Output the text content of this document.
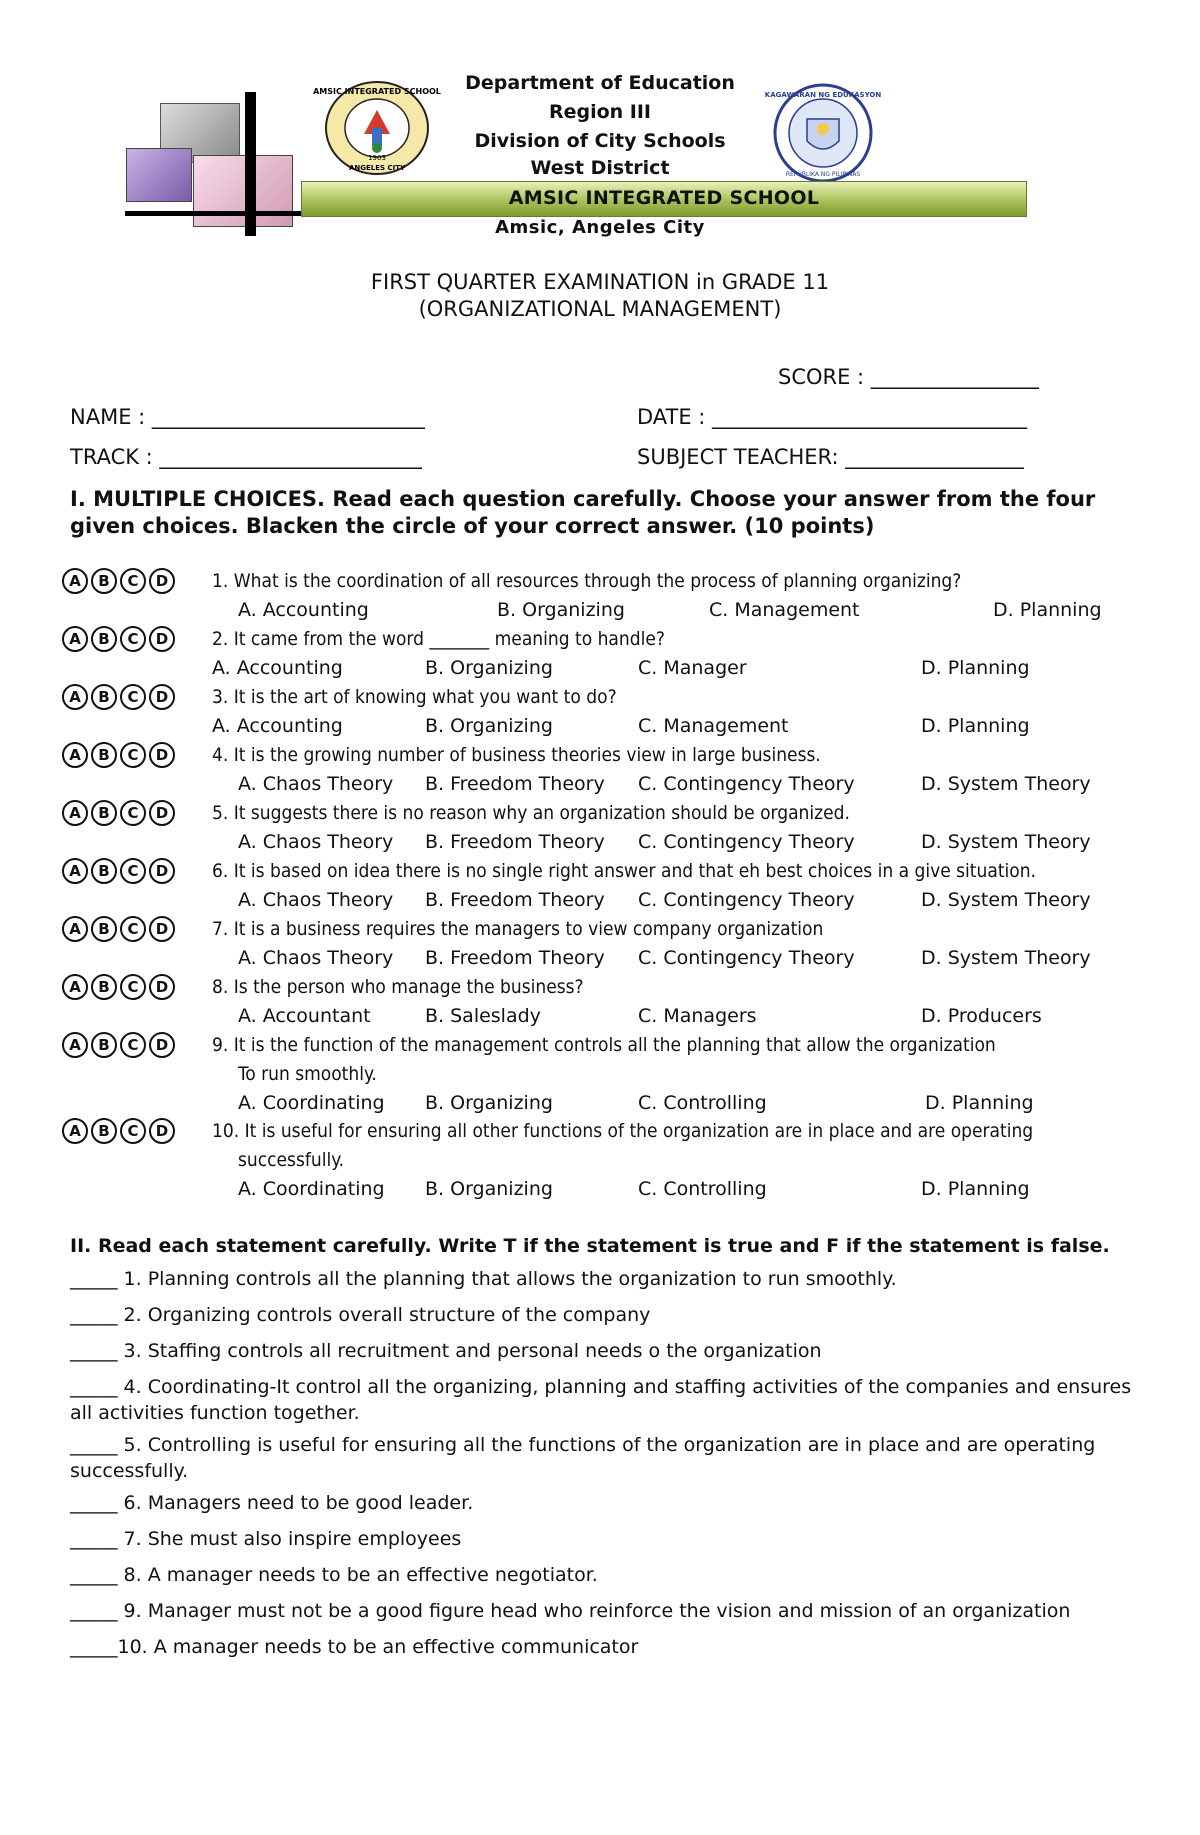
AMSIC INTEGRATED SCHOOL
ANGELES CITY
1903
KAGAWARAN NG EDUKASYON
REPUBLIKA NG PILIPINAS
Department of Education
Region III
Division of City Schools
West District
AMSIC INTEGRATED SCHOOL
Amsic, Angeles City
FIRST QUARTER EXAMINATION in GRADE 11
(ORGANIZATIONAL MANAGEMENT)
SCORE : ________________
NAME : __________________________	DATE : ______________________________
TRACK : _________________________	SUBJECT TEACHER: _________________
I. MULTIPLE CHOICES. Read each question carefully. Choose your answer from the four given choices. Blacken the circle of your correct answer. (10 points)
A	B	C	D	1. What is the coordination of all resources through the process of planning organizing?
A. Accounting	B. Organizing	C. Management	D. Planning
A	B	C	D	2. It came from the word _______ meaning to handle?
A. Accounting	B. Organizing	C. Manager	D. Planning
A	B	C	D	3. It is the art of knowing what you want to do?
A. Accounting	B. Organizing	C. Management	D. Planning
A	B	C	D	4. It is the growing number of business theories view in large business.
A. Chaos Theory B. Freedom Theory C. Contingency Theory	D. System Theory
A	B	C	D	5. It suggests there is no reason why an organization should be organized.
A. Chaos Theory B. Freedom Theory C. Contingency Theory	D. System Theory
A	B	C	D	6. It is based on idea there is no single right answer and that eh best choices in a give situation.
A. Chaos Theory B. Freedom Theory C. Contingency Theory	D. System Theory
A	B	C	D	7. It is a business requires the managers to view company organization
A. Chaos Theory B. Freedom Theory C. Contingency Theory	D. System Theory
A	B	C	D	8. Is the person who manage the business?
A. Accountant	B. Saleslady	C. Managers	D. Producers
A	B	C	D	9. It is the function of the management controls all the planning that allow the organization
To run smoothly.
A. Coordinating B. Organizing	C. Controlling	D. Planning
A	B	C	D	10. It is useful for ensuring all other functions of the organization are in place and are operating
successfully.
A. Coordinating B. Organizing	C. Controlling	D. Planning
II. Read each statement carefully. Write T if the statement is true and F if the statement is false.
_____ 1. Planning controls all the planning that allows the organization to run smoothly.
_____ 2. Organizing controls overall structure of the company
_____ 3. Staffing controls all recruitment and personal needs o the organization
_____ 4. Coordinating-It control all the organizing, planning and staffing activities of the companies and ensures all activities function together.
_____ 5. Controlling is useful for ensuring all the functions of the organization are in place and are operating successfully.
_____ 6. Managers need to be good leader.
_____ 7. She must also inspire employees
_____ 8. A manager needs to be an effective negotiator.
_____ 9. Manager must not be a good figure head who reinforce the vision and mission of an organization
_____10. A manager needs to be an effective communicator
